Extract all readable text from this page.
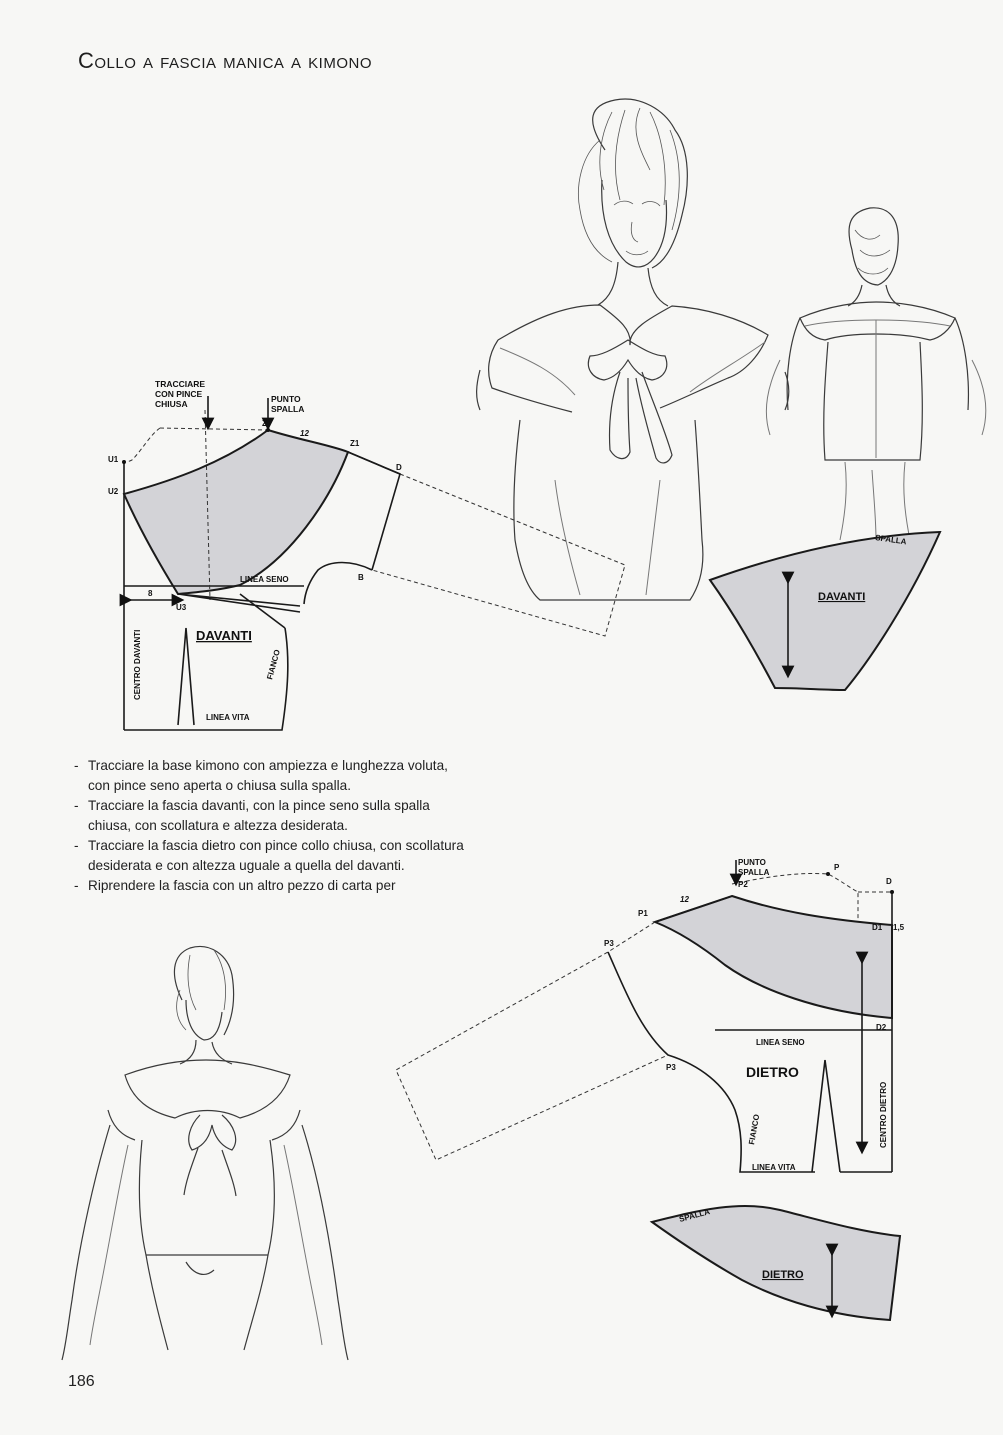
Collo a fascia manica a kimono
TRACCIARE
CON PINCE
CHIUSA	PUNTO
SPALLA
Z
12
Z1
D
U1
U2
U3
B
8
LINEA SENO
DAVANTI
CENTRO DAVANTI	FIANCO
LINEA VITA
SPALLA
DAVANTI
PUNTO
SPALLA
P2
P
D
P1
12
D1 1,5
P3
P3
D2
LINEA SENO
DIETRO
CENTRO DIETRO
FIANCO
LINEA VITA
SPALLA
DIETRO
- Tracciare la base kimono con ampiezza e lunghezza voluta, con pince seno aperta o chiusa sulla spalla.
- Tracciare la fascia davanti, con la pince seno sulla spalla chiusa, con scollatura e altezza desiderata.
- Tracciare la fascia dietro con pince collo chiusa, con scollatura desiderata e con altezza uguale a quella del davanti.
- Riprendere la fascia con un altro pezzo di carta per
186
